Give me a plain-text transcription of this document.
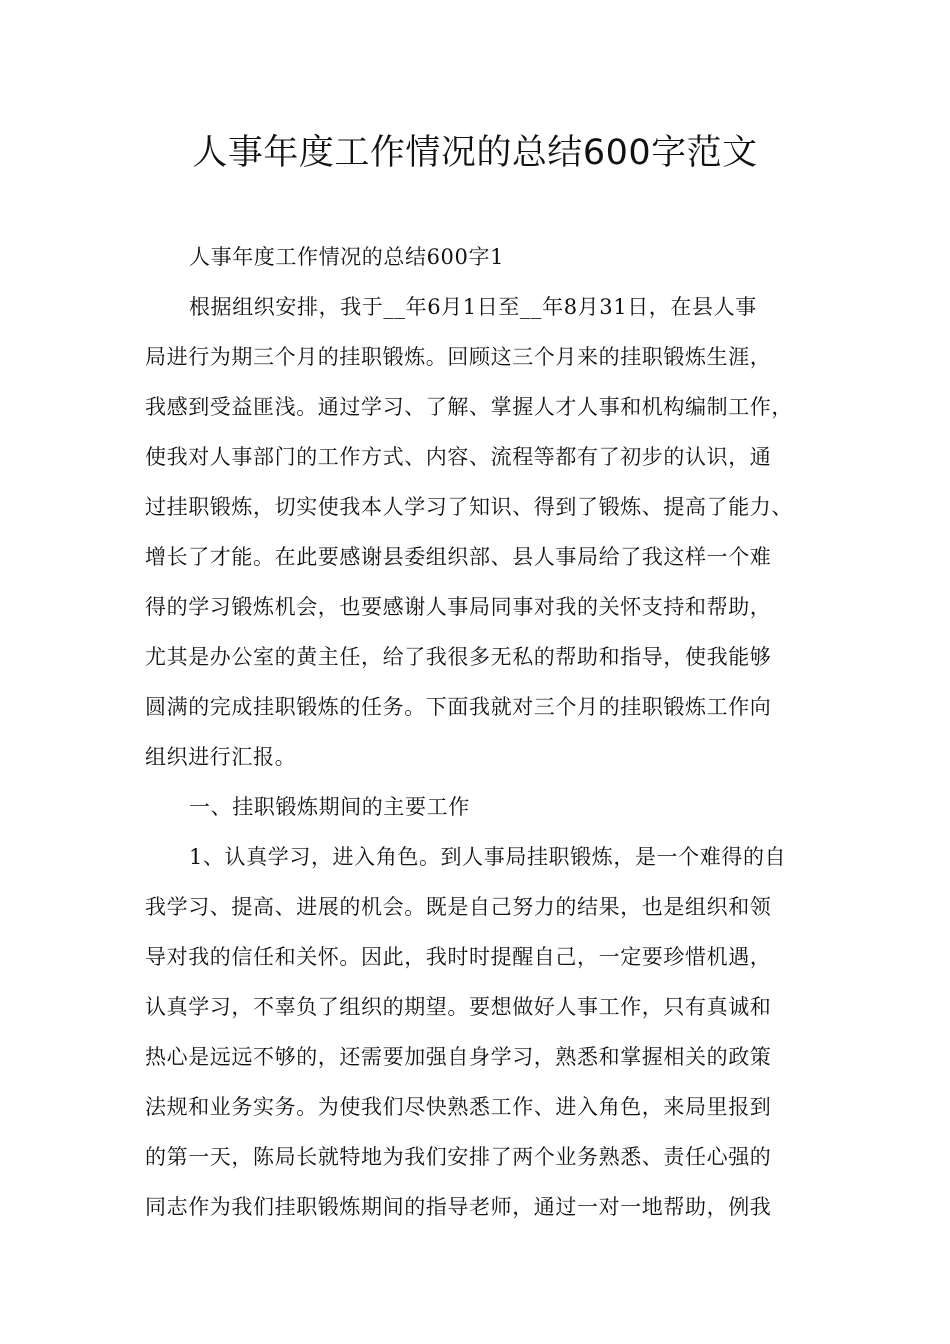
人事年度工作情况的总结600字范文
人事年度工作情况的总结600字1
根据组织安排，我于__年6月1日至__年8月31日，在县人事
局进行为期三个月的挂职锻炼。回顾这三个月来的挂职锻炼生涯，
我感到受益匪浅。通过学习、了解、掌握人才人事和机构编制工作，
使我对人事部门的工作方式、内容、流程等都有了初步的认识，通
过挂职锻炼，切实使我本人学习了知识、得到了锻炼、提高了能力、
增长了才能。在此要感谢县委组织部、县人事局给了我这样一个难
得的学习锻炼机会，也要感谢人事局同事对我的关怀支持和帮助，
尤其是办公室的黄主任，给了我很多无私的帮助和指导，使我能够
圆满的完成挂职锻炼的任务。下面我就对三个月的挂职锻炼工作向
组织进行汇报。
一、挂职锻炼期间的主要工作
1、认真学习，进入角色。到人事局挂职锻炼，是一个难得的自
我学习、提高、进展的机会。既是自己努力的结果，也是组织和领
导对我的信任和关怀。因此，我时时提醒自己，一定要珍惜机遇，
认真学习，不辜负了组织的期望。要想做好人事工作，只有真诚和
热心是远远不够的，还需要加强自身学习，熟悉和掌握相关的政策
法规和业务实务。为使我们尽快熟悉工作、进入角色，来局里报到
的第一天，陈局长就特地为我们安排了两个业务熟悉、责任心强的
同志作为我们挂职锻炼期间的指导老师，通过一对一地帮助，例我
